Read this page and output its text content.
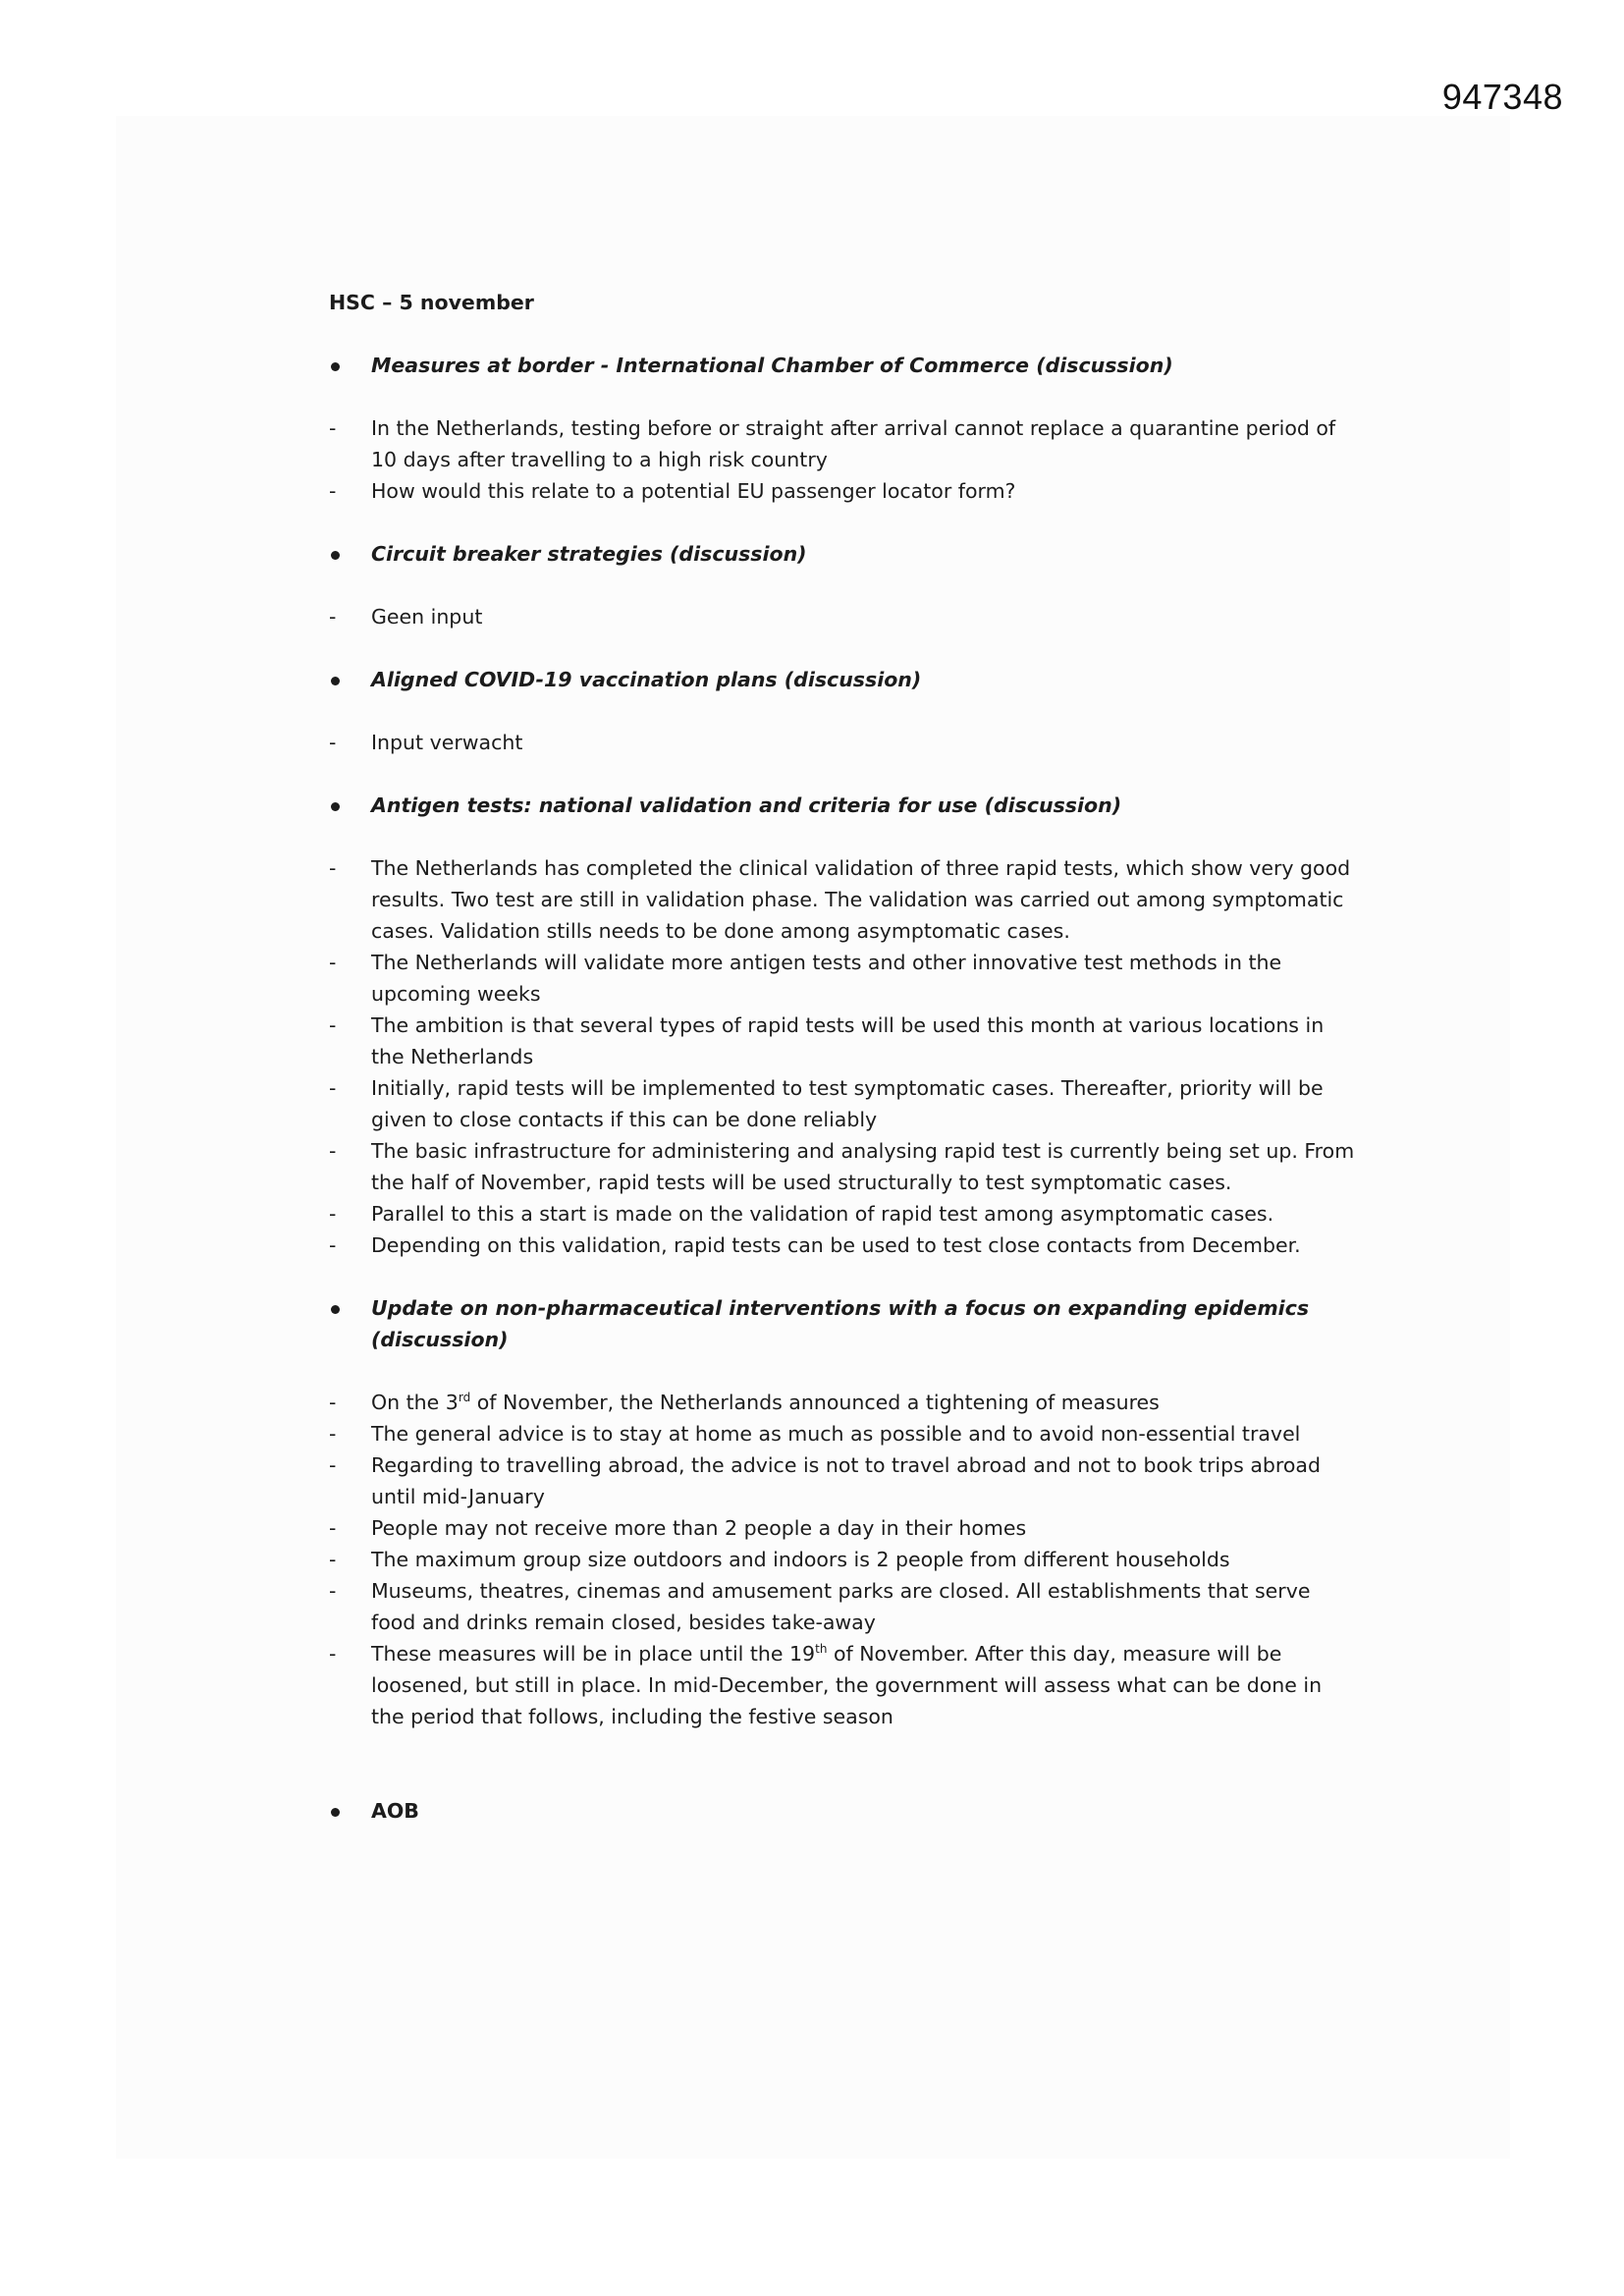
947348
HSC – 5 november
Measures at border - International Chamber of Commerce (discussion)
- In the Netherlands, testing before or straight after arrival cannot replace a quarantine period of 10 days after travelling to a high risk country
- How would this relate to a potential EU passenger locator form?
Circuit breaker strategies (discussion)
- Geen input
Aligned COVID-19 vaccination plans (discussion)
- Input verwacht
Antigen tests: national validation and criteria for use (discussion)
- The Netherlands has completed the clinical validation of three rapid tests, which show very good results. Two test are still in validation phase. The validation was carried out among symptomatic cases. Validation stills needs to be done among asymptomatic cases.
- The Netherlands will validate more antigen tests and other innovative test methods in the upcoming weeks
- The ambition is that several types of rapid tests will be used this month at various locations in the Netherlands
- Initially, rapid tests will be implemented to test symptomatic cases. Thereafter, priority will be given to close contacts if this can be done reliably
- The basic infrastructure for administering and analysing rapid test is currently being set up. From the half of November, rapid tests will be used structurally to test symptomatic cases.
- Parallel to this a start is made on the validation of rapid test among asymptomatic cases.
- Depending on this validation, rapid tests can be used to test close contacts from December.
Update on non-pharmaceutical interventions with a focus on expanding epidemics (discussion)
- On the 3rd of November, the Netherlands announced a tightening of measures
- The general advice is to stay at home as much as possible and to avoid non-essential travel
- Regarding to travelling abroad, the advice is not to travel abroad and not to book trips abroad until mid-January
- People may not receive more than 2 people a day in their homes
- The maximum group size outdoors and indoors is 2 people from different households
- Museums, theatres, cinemas and amusement parks are closed. All establishments that serve food and drinks remain closed, besides take-away
- These measures will be in place until the 19th of November. After this day, measure will be loosened, but still in place. In mid-December, the government will assess what can be done in the period that follows, including the festive season
AOB
